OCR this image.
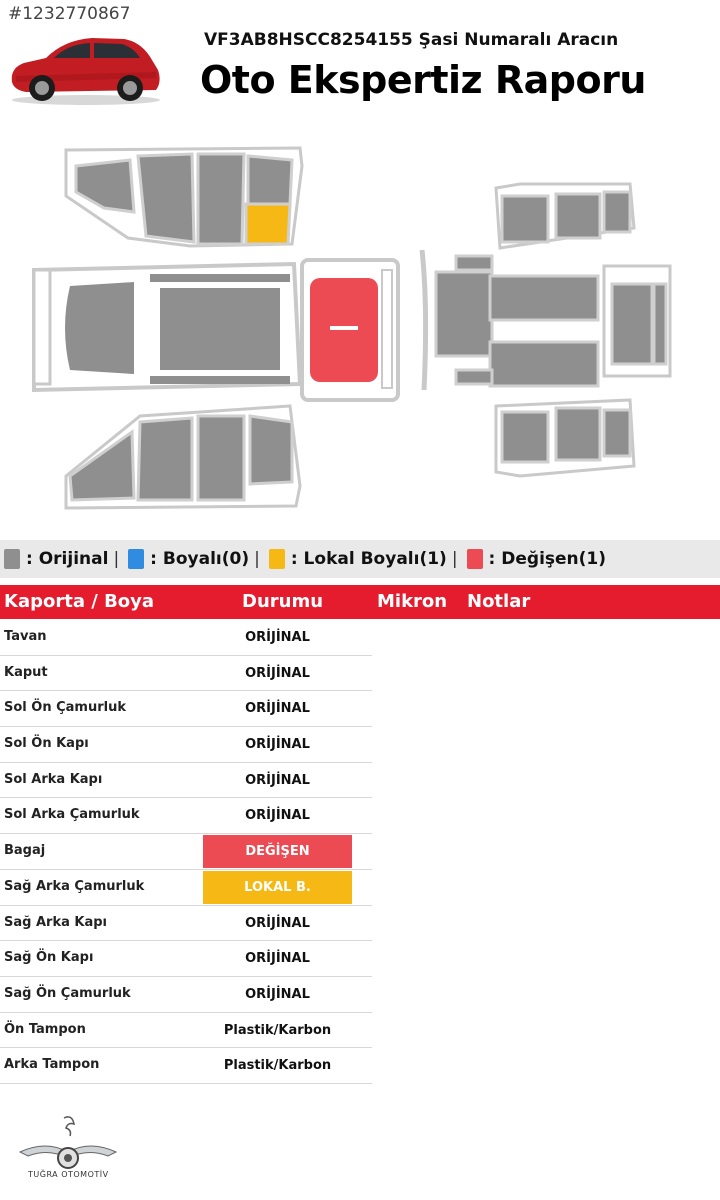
#1232770867
VF3AB8HSCC8254155 Şasi Numaralı Aracın
Oto Ekspertiz Raporu
: Orijinal | : Boyalı(0) | : Lokal Boyalı(1) | : Değişen(1)
Kaporta / Boya	Durumu	Mikron Notlar
Tavan	ORİJİNAL
Kaput	ORİJİNAL
Sol Ön Çamurluk	ORİJİNAL
Sol Ön Kapı	ORİJİNAL
Sol Arka Kapı	ORİJİNAL
Sol Arka Çamurluk	ORİJİNAL
Bagaj	DEĞİŞEN
Sağ Arka Çamurluk	LOKAL B.
Sağ Arka Kapı	ORİJİNAL
Sağ Ön Kapı	ORİJİNAL
Sağ Ön Çamurluk	ORİJİNAL
Ön Tampon	Plastik/Karbon
Arka Tampon	Plastik/Karbon
TUĞRA OTOMOTİV
